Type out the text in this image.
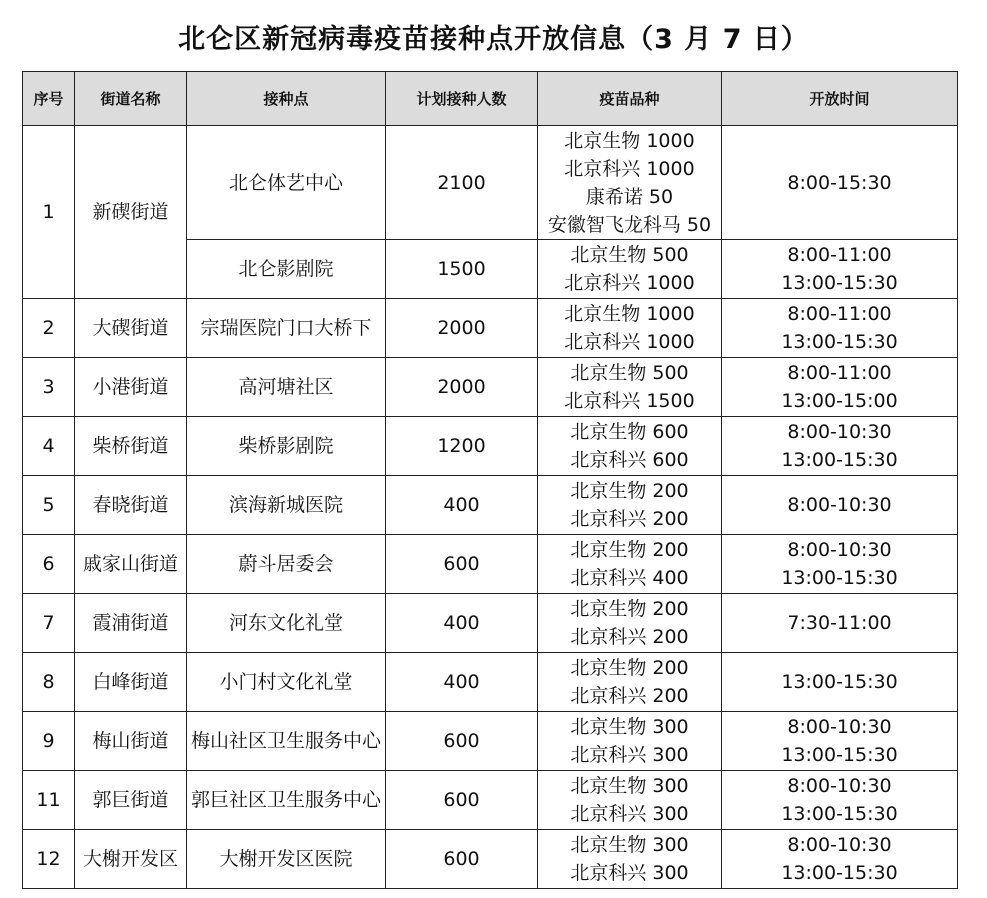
北仑区新冠病毒疫苗接种点开放信息（3 月 7 日）
序号	街道名称	接种点	计划接种人数	疫苗品种	开放时间
1	新碶街道	北仑体艺中心	2100	北京生物 1000
北京科兴 1000
康希诺 50
安徽智飞龙科马 50	8:00-15:30

		北仑影剧院	1500	北京生物 500
北京科兴 1000	8:00-11:00
13:00-15:30

2	大碶街道	宗瑞医院门口大桥下	2000	北京生物 1000
北京科兴 1000	8:00-11:00
13:00-15:30

3	小港街道	高河塘社区	2000	北京生物 500
北京科兴 1500	8:00-11:00
13:00-15:00

4	柴桥街道	柴桥影剧院	1200	北京生物 600
北京科兴 600	8:00-10:30
13:00-15:30

5	春晓街道	滨海新城医院	400	北京生物 200
北京科兴 200	8:00-10:30

6	戚家山街道	蔚斗居委会	600	北京生物 200
北京科兴 400	8:00-10:30
13:00-15:30

7	霞浦街道	河东文化礼堂	400	北京生物 200
北京科兴 200	7:30-11:00

8	白峰街道	小门村文化礼堂	400	北京生物 200
北京科兴 200	13:00-15:30

9	梅山街道	梅山社区卫生服务中心	600	北京生物 300
北京科兴 300	8:00-10:30
13:00-15:30

11	郭巨街道	郭巨社区卫生服务中心	600	北京生物 300
北京科兴 300	8:00-10:30
13:00-15:30

12	大榭开发区	大榭开发区医院	600	北京生物 300
北京科兴 300	8:00-10:30
13:00-15:30
